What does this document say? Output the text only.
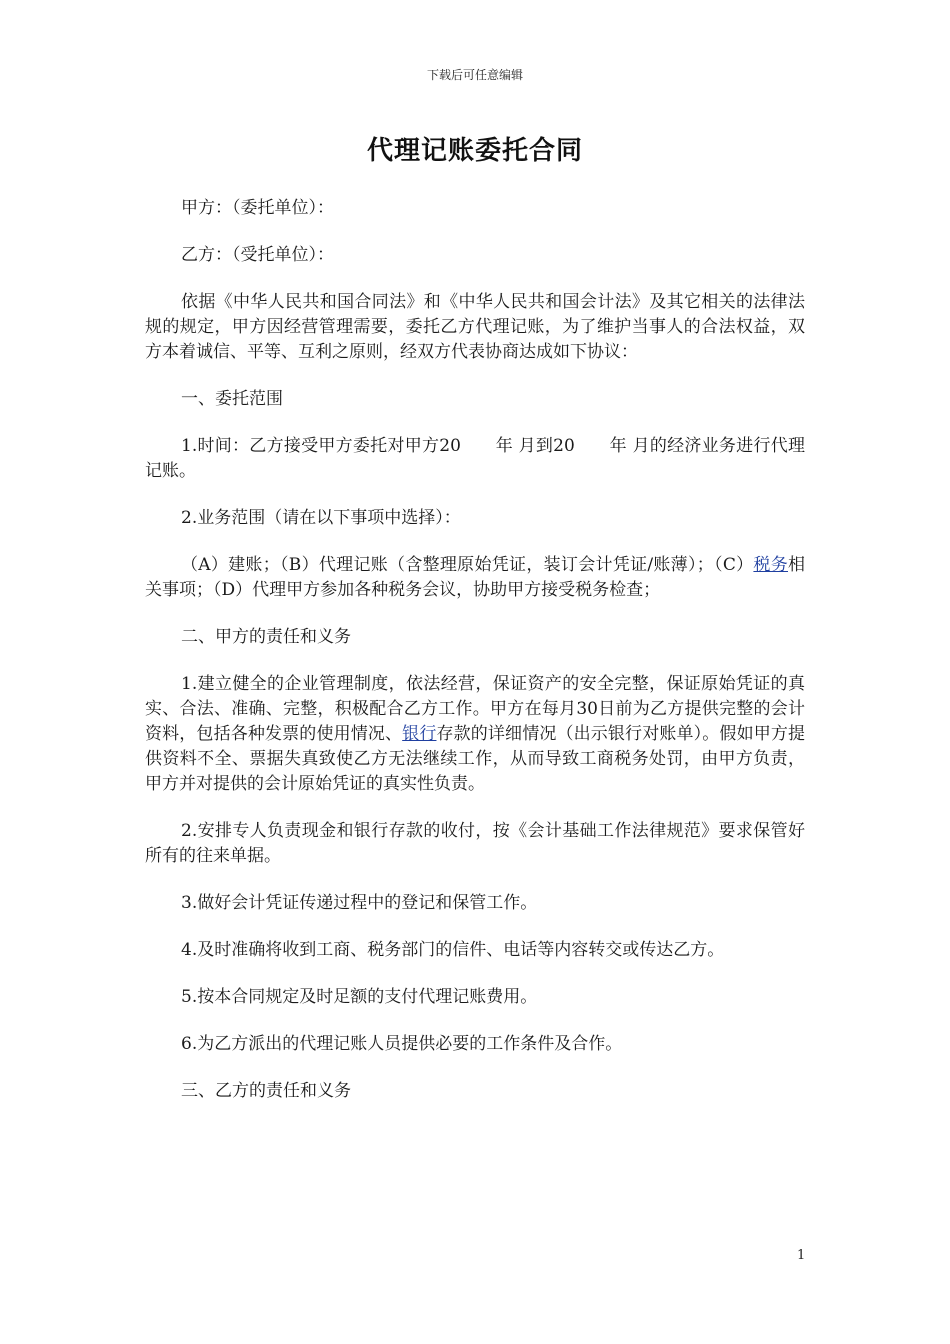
下载后可任意编辑
代理记账委托合同

甲方：（委托单位）：

乙方：（受托单位）：

依据《中华人民共和国合同法》和《中华人民共和国会计法》及其它相关的法律法规的规定，甲方因经营管理需要，委托乙方代理记账，为了维护当事人的合法权益，双方本着诚信、平等、互利之原则，经双方代表协商达成如下协议：

一、委托范围

1.时间：乙方接受甲方委托对甲方20　　年 月到20　　年 月的经济业务进行代理记账。

2.业务范围（请在以下事项中选择）：

（A）建账；（B）代理记账（含整理原始凭证，装订会计凭证/账薄）；（C）税务相关事项；（D）代理甲方参加各种税务会议，协助甲方接受税务检查；

二、甲方的责任和义务

1.建立健全的企业管理制度，依法经营，保证资产的安全完整，保证原始凭证的真实、合法、准确、完整，积极配合乙方工作。甲方在每月30日前为乙方提供完整的会计资料，包括各种发票的使用情况、银行存款的详细情况（出示银行对账单）。假如甲方提供资料不全、票据失真致使乙方无法继续工作，从而导致工商税务处罚，由甲方负责，甲方并对提供的会计原始凭证的真实性负责。

2.安排专人负责现金和银行存款的收付，按《会计基础工作法律规范》要求保管好所有的往来单据。

3.做好会计凭证传递过程中的登记和保管工作。

4.及时准确将收到工商、税务部门的信件、电话等内容转交或传达乙方。

5.按本合同规定及时足额的支付代理记账费用。

6.为乙方派出的代理记账人员提供必要的工作条件及合作。

三、乙方的责任和义务

1
